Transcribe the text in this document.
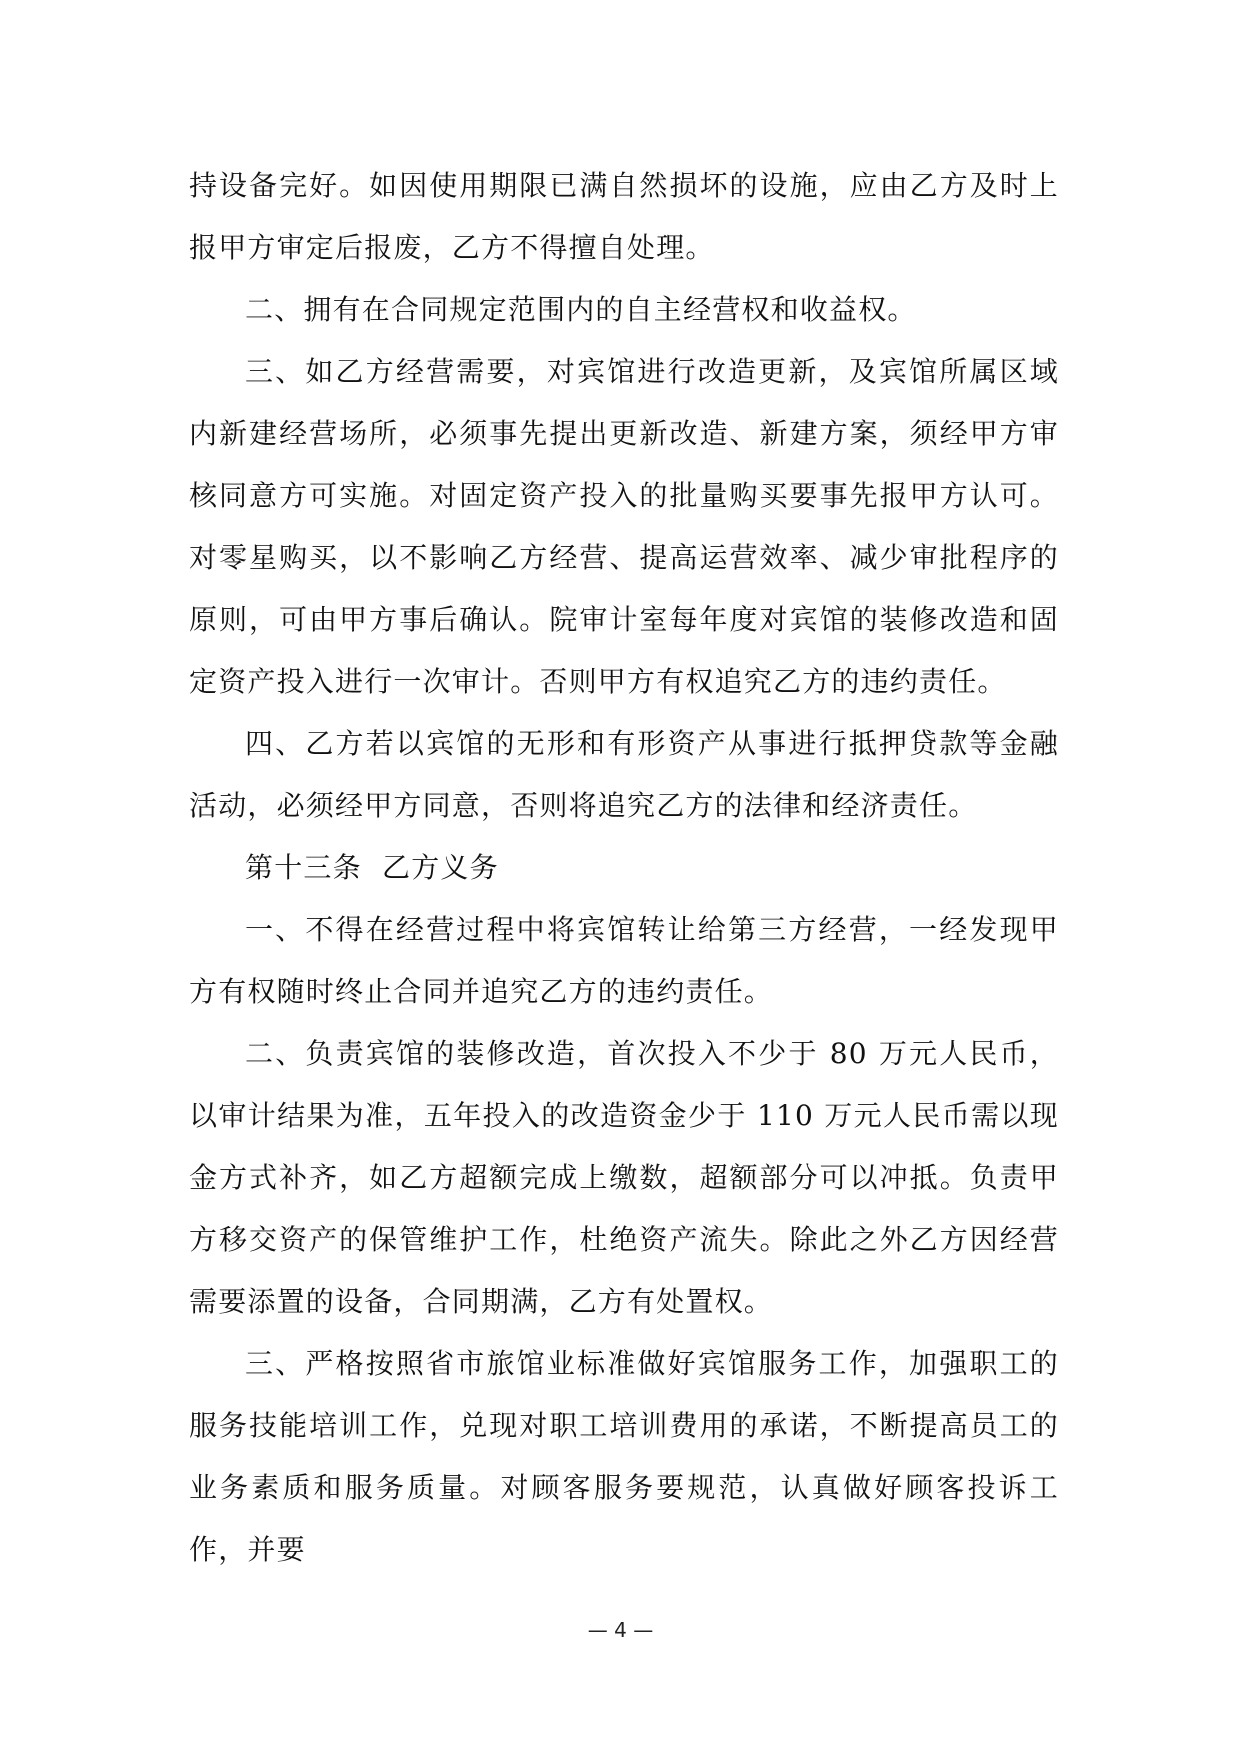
持设备完好。如因使用期限已满自然损坏的设施，应由乙方及时上报甲方审定后报废，乙方不得擅自处理。

二、拥有在合同规定范围内的自主经营权和收益权。

三、如乙方经营需要，对宾馆进行改造更新，及宾馆所属区域内新建经营场所，必须事先提出更新改造、新建方案，须经甲方审核同意方可实施。对固定资产投入的批量购买要事先报甲方认可。对零星购买，以不影响乙方经营、提高运营效率、减少审批程序的原则，可由甲方事后确认。院审计室每年度对宾馆的装修改造和固定资产投入进行一次审计。否则甲方有权追究乙方的违约责任。

四、乙方若以宾馆的无形和有形资产从事进行抵押贷款等金融活动，必须经甲方同意，否则将追究乙方的法律和经济责任。

第十三条  乙方义务

一、不得在经营过程中将宾馆转让给第三方经营，一经发现甲方有权随时终止合同并追究乙方的违约责任。

二、负责宾馆的装修改造，首次投入不少于 80 万元人民币，以审计结果为准，五年投入的改造资金少于 110 万元人民币需以现金方式补齐，如乙方超额完成上缴数，超额部分可以冲抵。负责甲方移交资产的保管维护工作，杜绝资产流失。除此之外乙方因经营需要添置的设备，合同期满，乙方有处置权。

三、严格按照省市旅馆业标准做好宾馆服务工作，加强职工的服务技能培训工作，兑现对职工培训费用的承诺，不断提高员工的业务素质和服务质量。对顾客服务要规范，认真做好顾客投诉工作，并要

— 4 —
